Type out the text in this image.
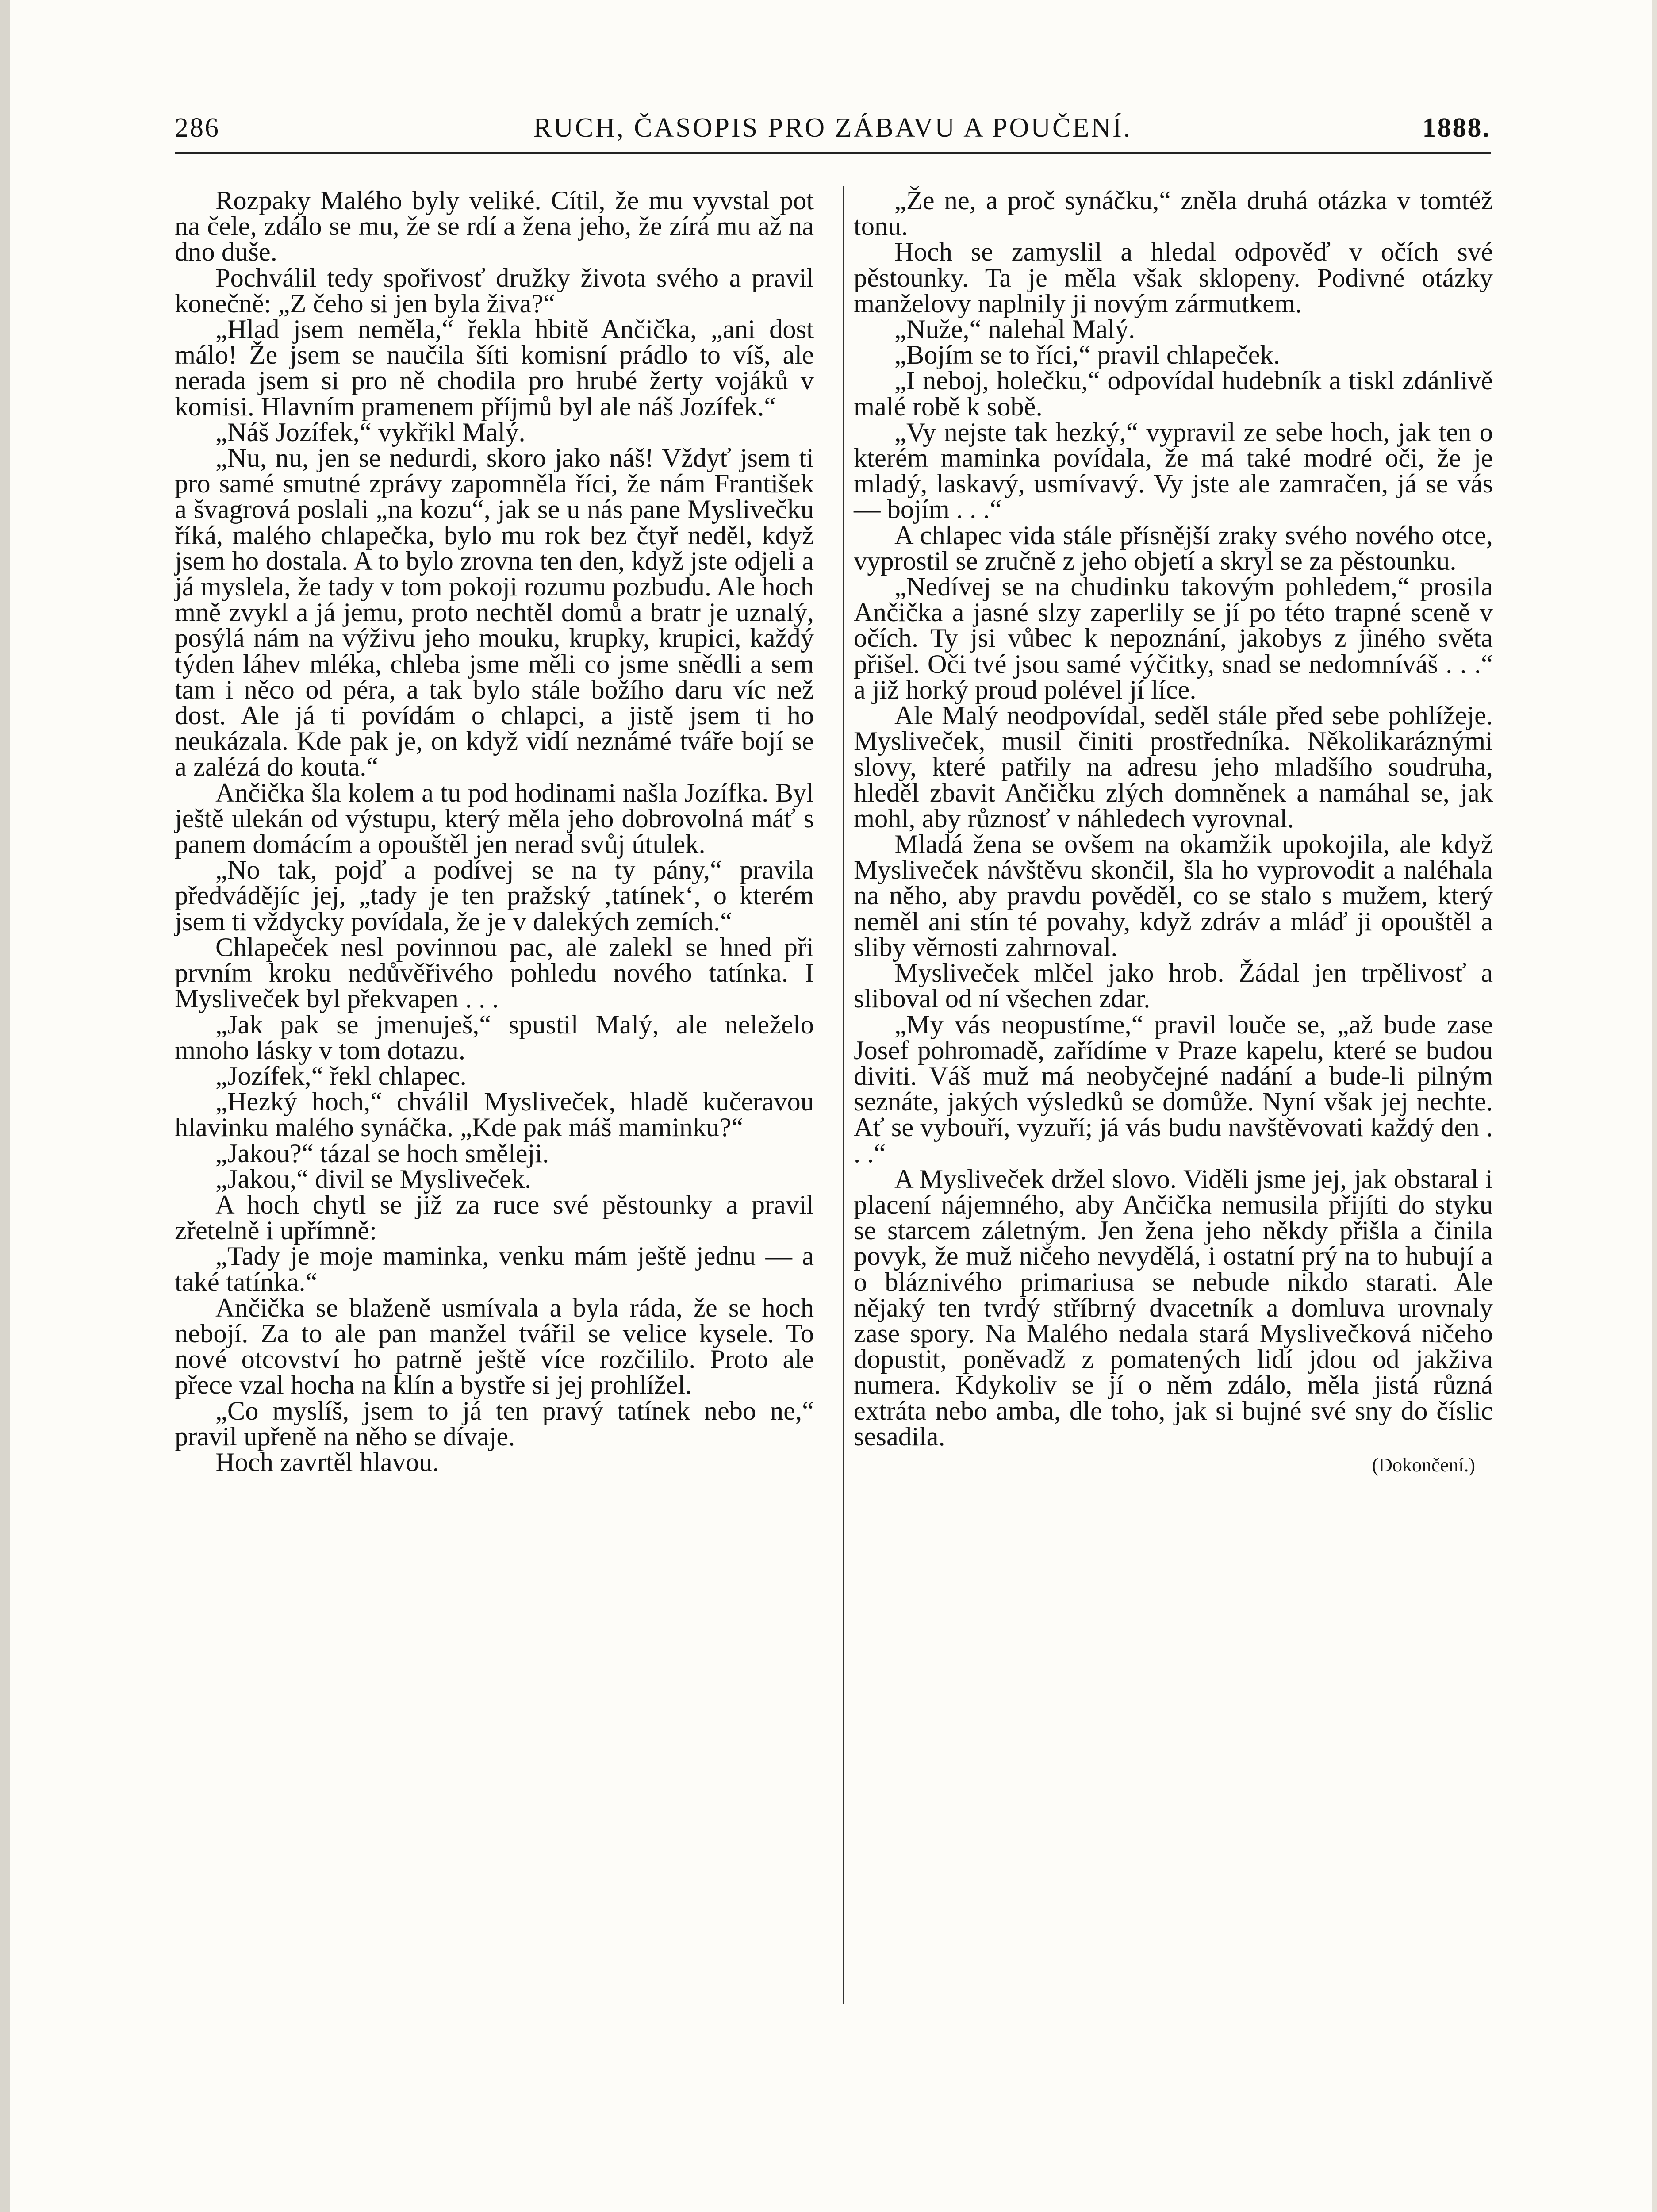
286	RUCH, ČASOPIS PRO ZÁBAVU A POUČENÍ.	1888.

Rozpaky Malého byly veliké. Cítil, že mu vyvstal pot na čele, zdálo se mu, že se rdí a žena jeho, že zírá mu až na dno duše.

Pochválil tedy spořivosť družky života svého a pravil konečně: „Z čeho si jen byla živa?“

„Hlad jsem neměla,“ řekla hbitě Ančička, „ani dost málo! Že jsem se naučila šíti komisní prádlo to víš, ale nerada jsem si pro ně chodila pro hrubé žerty vojáků v komisi. Hlavním pramenem příjmů byl ale náš Jozífek.“

„Náš Jozífek,“ vykřikl Malý.

„Nu, nu, jen se nedurdi, skoro jako náš! Vždyť jsem ti pro samé smutné zprávy zapomněla říci, že nám František a švagrová poslali „na kozu“, jak se u nás pane Myslivečku říká, malého chlapečka, bylo mu rok bez čtyř neděl, když jsem ho dostala. A to bylo zrovna ten den, když jste odjeli a já myslela, že tady v tom pokoji rozumu pozbudu. Ale hoch mně zvykl a já jemu, proto nechtěl domů a bratr je uznalý, posýlá nám na výživu jeho mouku, krupky, krupici, každý týden láhev mléka, chleba jsme měli co jsme snědli a sem tam i něco od péra, a tak bylo stále božího daru víc než dost. Ale já ti povídám o chlapci, a jistě jsem ti ho neukázala. Kde pak je, on když vidí neznámé tváře bojí se a zalézá do kouta.“

Ančička šla kolem a tu pod hodinami našla Jozífka. Byl ještě ulekán od výstupu, který měla jeho dobrovolná máť s panem domácím a opouštěl jen nerad svůj útulek.

„No tak, pojď a podívej se na ty pány,“ pravila předvádějíc jej, „tady je ten pražský ‚tatínek‘, o kterém jsem ti vždycky povídala, že je v dalekých zemích.“

Chlapeček nesl povinnou pac, ale zalekl se hned při prvním kroku nedůvěřivého pohledu nového tatínka. I Mysliveček byl překvapen . . .

„Jak pak se jmenuješ,“ spustil Malý, ale neleželo mnoho lásky v tom dotazu.

„Jozífek,“ řekl chlapec.

„Hezký hoch,“ chválil Mysliveček, hladě kučeravou hlavinku malého synáčka. „Kde pak máš maminku?“

„Jakou?“ tázal se hoch směleji.

„Jakou,“ divil se Mysliveček.

A hoch chytl se již za ruce své pěstounky a pravil zřetelně i upřímně:

„Tady je moje maminka, venku mám ještě jednu — a také tatínka.“

Ančička se blaženě usmívala a byla ráda, že se hoch nebojí. Za to ale pan manžel tvářil se velice kysele. To nové otcovství ho patrně ještě více rozčililo. Proto ale přece vzal hocha na klín a bystře si jej prohlížel.

„Co myslíš, jsem to já ten pravý tatínek nebo ne,“ pravil upřeně na něho se dívaje.

Hoch zavrtěl hlavou.

„Že ne, a proč synáčku,“ zněla druhá otázka v tomtéž tonu.

Hoch se zamyslil a hledal odpověď v očích své pěstounky. Ta je měla však sklopeny. Podivné otázky manželovy naplnily ji novým zármutkem.

„Nuže,“ nalehal Malý.

„Bojím se to říci,“ pravil chlapeček.

„I neboj, holečku,“ odpovídal hudebník a tiskl zdánlivě malé robě k sobě.

„Vy nejste tak hezký,“ vypravil ze sebe hoch, jak ten o kterém maminka povídala, že má také modré oči, že je mladý, laskavý, usmívavý. Vy jste ale zamračen, já se vás — bojím . . .“

A chlapec vida stále přísnější zraky svého nového otce, vyprostil se zručně z jeho objetí a skryl se za pěstounku.

„Nedívej se na chudinku takovým pohledem,“ prosila Ančička a jasné slzy zaperlily se jí po této trapné sceně v očích. Ty jsi vůbec k nepoznání, jakobys z jiného světa přišel. Oči tvé jsou samé výčitky, snad se nedomníváš . . .“ a již horký proud polével jí líce.

Ale Malý neodpovídal, seděl stále před sebe pohlížeje. Mysliveček, musil činiti prostředníka. Několikaráznými slovy, které patřily na adresu jeho mladšího soudruha, hleděl zbavit Ančičku zlých domněnek a namáhal se, jak mohl, aby různosť v náhledech vyrovnal.

Mladá žena se ovšem na okamžik upokojila, ale když Mysliveček návštěvu skončil, šla ho vyprovodit a naléhala na něho, aby pravdu pověděl, co se stalo s mužem, který neměl ani stín té povahy, když zdráv a mláď ji opouštěl a sliby věrnosti zahrnoval.

Mysliveček mlčel jako hrob. Žádal jen trpělivosť a sliboval od ní všechen zdar.

„My vás neopustíme,“ pravil louče se, „až bude zase Josef pohromadě, zařídíme v Praze kapelu, které se budou diviti. Váš muž má neobyčejné nadání a bude-li pilným seznáte, jakých výsledků se domůže. Nyní však jej nechte. Ať se vybouří, vyzuří; já vás budu navštěvovati každý den . . .“

A Mysliveček držel slovo. Viděli jsme jej, jak obstaral i placení nájemného, aby Ančička nemusila přijíti do styku se starcem záletným. Jen žena jeho někdy přišla a činila povyk, že muž ničeho nevydělá, i ostatní prý na to hubují a o bláznivého primariusa se nebude nikdo starati. Ale nějaký ten tvrdý stříbrný dvacetník a domluva urovnaly zase spory. Na Malého nedala stará Myslivečková ničeho dopustit, poněvadž z pomatených lidí jdou od jakživa numera. Kdykoliv se jí o něm zdálo, měla jistá různá extráta nebo amba, dle toho, jak si bujné své sny do číslic sesadila.

(Dokončení.)
